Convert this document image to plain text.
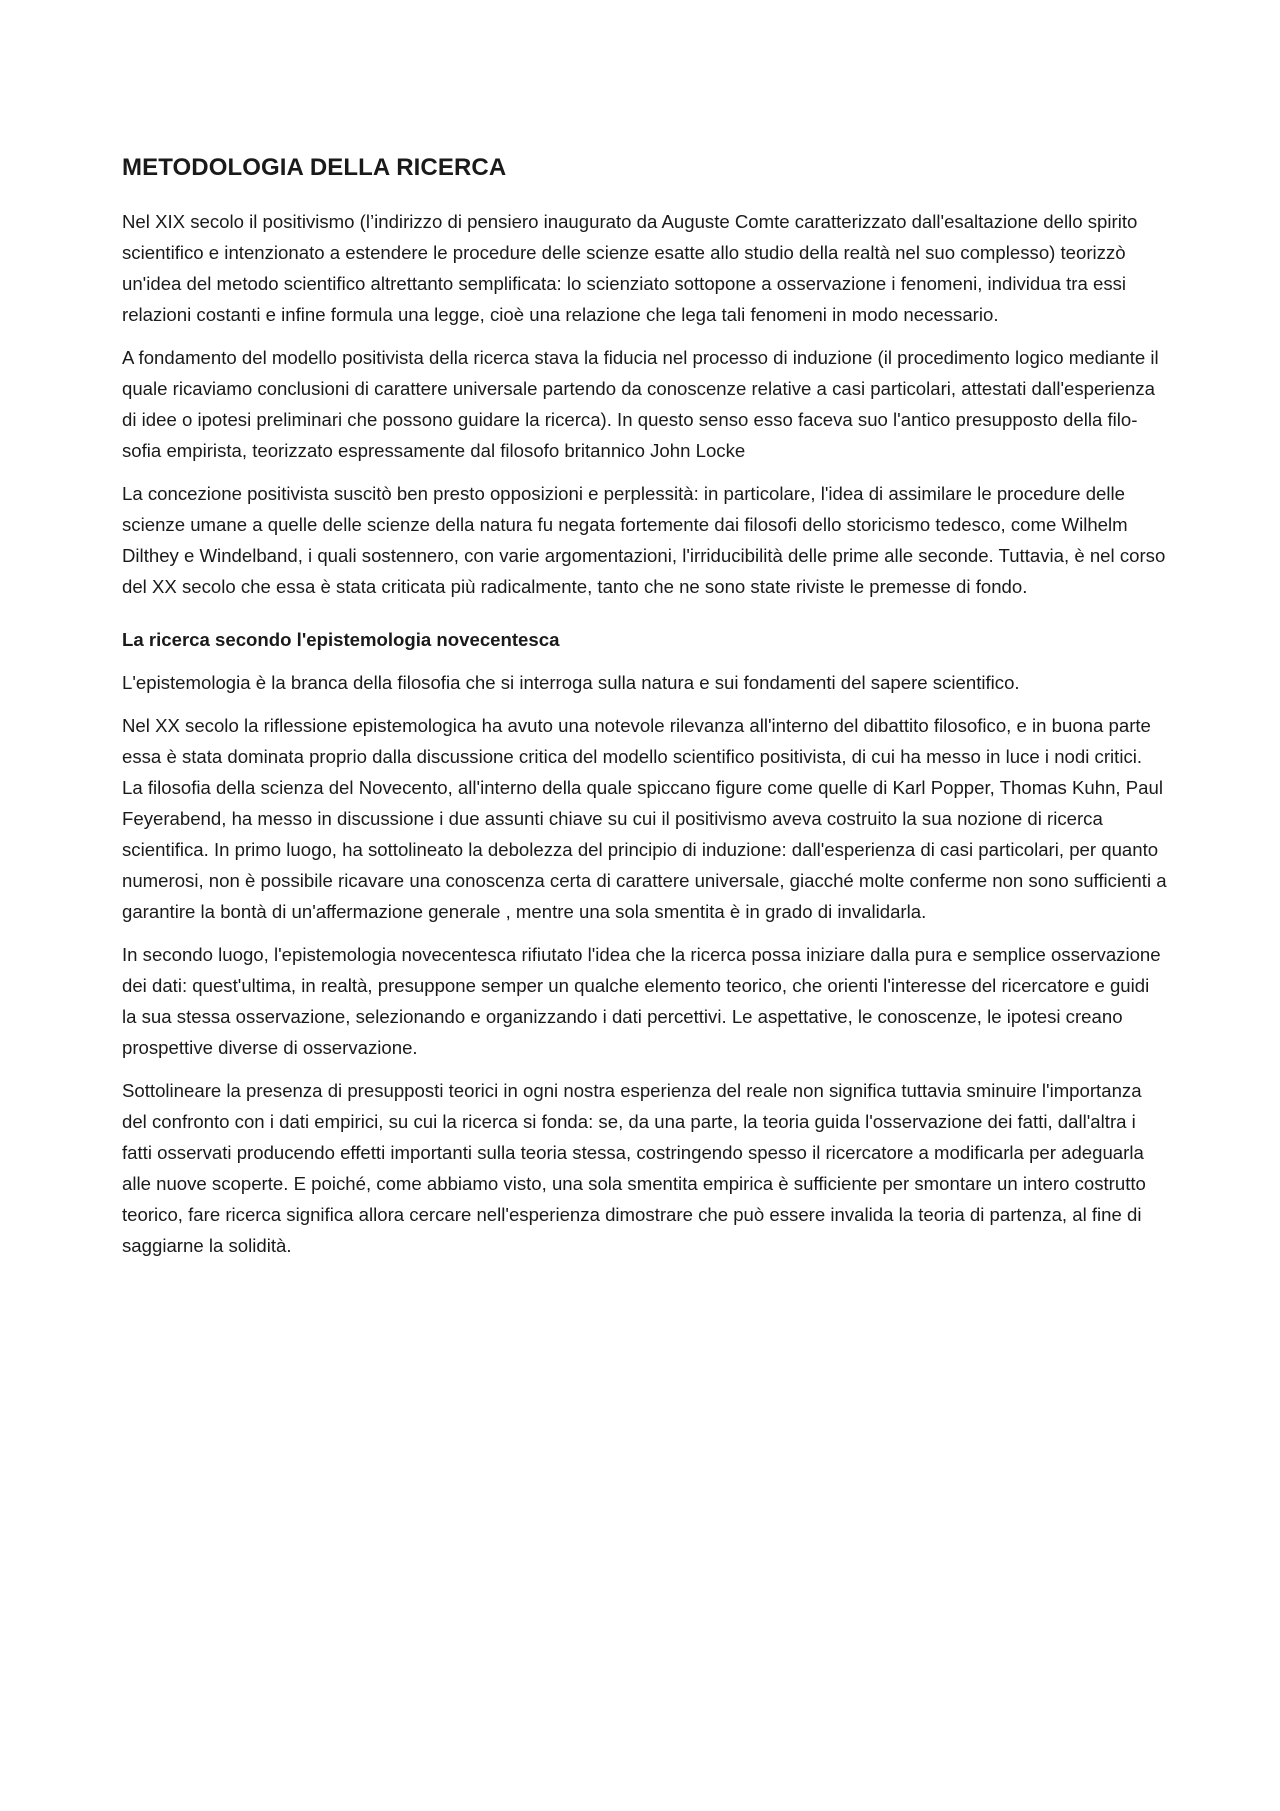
METODOLOGIA DELLA RICERCA

Nel XIX secolo il positivismo (l’indirizzo di pensiero inaugurato da Auguste Comte caratterizzato dall'esaltazione dello spirito scientifico e intenzionato a estendere le procedure delle scienze esatte allo studio della realtà nel suo complesso) teorizzò un'idea del metodo scientifico altrettanto semplificata: lo scienziato sottopone a osservazione i fenomeni, individua tra essi relazioni costanti e infine formula una legge, cioè una relazione che lega tali fenomeni in modo necessario.

A fondamento del modello positivista della ricerca stava la fiducia nel processo di induzione (il procedimento logico mediante il quale ricaviamo conclusioni di carattere universale partendo da conoscenze relative a casi particolari, attestati dall'esperienza di idee o ipotesi preliminari che possono guidare la ricerca). In questo senso esso faceva suo l'antico presupposto della filo-sofia empirista, teorizzato espressamente dal filosofo britannico John Locke

La concezione positivista suscitò ben presto opposizioni e perplessità: in particolare, l'idea di assimilare le procedure delle scienze umane a quelle delle scienze della natura fu negata fortemente dai filosofi dello storicismo tedesco, come Wilhelm Dilthey e Windelband, i quali sostennero, con varie argomentazioni, l'irriducibilità delle prime alle seconde. Tuttavia, è nel corso del XX secolo che essa è stata criticata più radicalmente, tanto che ne sono state riviste le premesse di fondo.

La ricerca secondo l'epistemologia novecentesca

L'epistemologia è la branca della filosofia che si interroga sulla natura e sui fondamenti del sapere scientifico.

Nel XX secolo la riflessione epistemologica ha avuto una notevole rilevanza all'interno del dibattito filosofico, e in buona parte essa è stata dominata proprio dalla discussione critica del modello scientifico positivista, di cui ha messo in luce i nodi critici. La filosofia della scienza del Novecento, all'interno della quale spiccano figure come quelle di Karl Popper, Thomas Kuhn, Paul Feyerabend, ha messo in discussione i due assunti chiave su cui il positivismo aveva costruito la sua nozione di ricerca scientifica. In primo luogo, ha sottolineato la debolezza del principio di induzione: dall'esperienza di casi particolari, per quanto numerosi, non è possibile ricavare una conoscenza certa di carattere universale, giacché molte conferme non sono sufficienti a garantire la bontà di un'affermazione generale , mentre una sola smentita è in grado di invalidarla.

In secondo luogo, l'epistemologia novecentesca rifiutato l'idea che la ricerca possa iniziare dalla pura e semplice osservazione dei dati: quest'ultima, in realtà, presuppone semper un qualche elemento teorico, che orienti l'interesse del ricercatore e guidi la sua stessa osservazione, selezionando e organizzando i dati percettivi. Le aspettative, le conoscenze, le ipotesi creano prospettive diverse di osservazione.

Sottolineare la presenza di presupposti teorici in ogni nostra esperienza del reale non significa tuttavia sminuire l'importanza del confronto con i dati empirici, su cui la ricerca si fonda: se, da una parte, la teoria guida l'osservazione dei fatti, dall'altra i fatti osservati producendo effetti importanti sulla teoria stessa, costringendo spesso il ricercatore a modificarla per adeguarla alle nuove scoperte. E poiché, come abbiamo visto, una sola smentita empirica è sufficiente per smontare un intero costrutto teorico, fare ricerca significa allora cercare nell'esperienza dimostrare che può essere invalida la teoria di partenza, al fine di saggiarne la solidità.
